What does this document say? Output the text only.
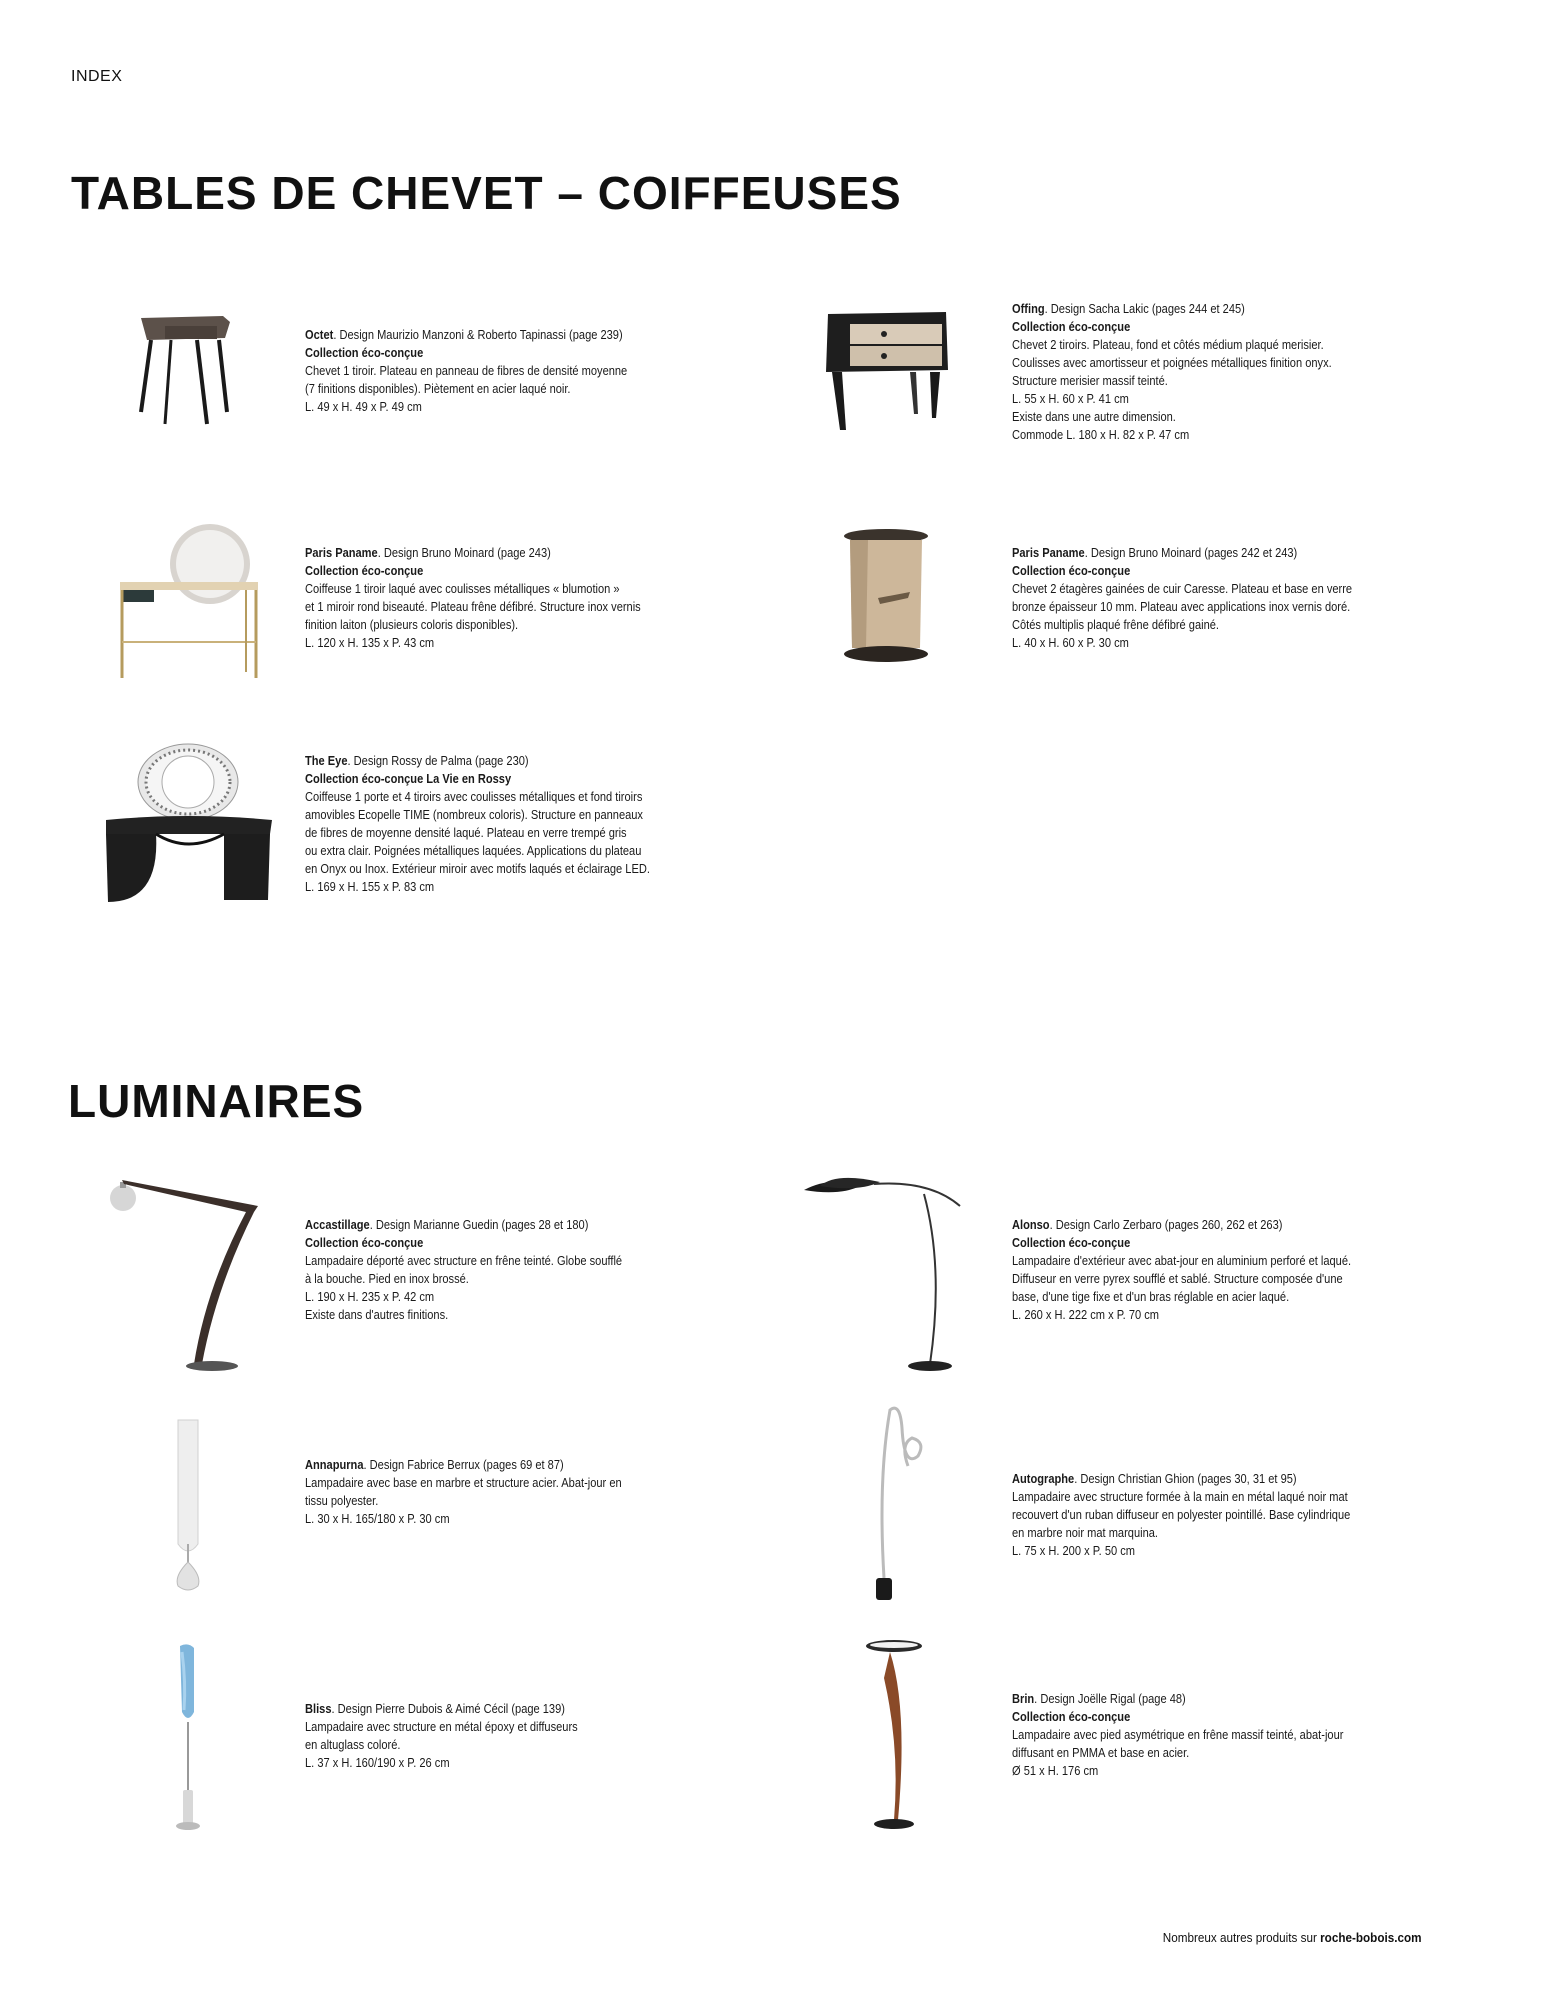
INDEX
TABLES DE CHEVET – COIFFEUSES
LUMINAIRES
Octet. Design Maurizio Manzoni & Roberto Tapinassi (page 239)
Collection éco-conçue
Chevet 1 tiroir. Plateau en panneau de fibres de densité moyenne
(7 finitions disponibles). Piètement en acier laqué noir.
L. 49 x H. 49 x P. 49 cm
Offing. Design Sacha Lakic (pages 244 et 245)
Collection éco-conçue
Chevet 2 tiroirs. Plateau, fond et côtés médium plaqué merisier.
Coulisses avec amortisseur et poignées métalliques finition onyx.
Structure merisier massif teinté.
L. 55 x H. 60 x P. 41 cm
Existe dans une autre dimension.
Commode L. 180 x H. 82 x P. 47 cm
Paris Paname. Design Bruno Moinard (page 243)
Collection éco-conçue
Coiffeuse 1 tiroir laqué avec coulisses métalliques « blumotion »
et 1 miroir rond biseauté. Plateau frêne défibré. Structure inox vernis
finition laiton (plusieurs coloris disponibles).
L. 120 x H. 135 x P. 43 cm
Paris Paname. Design Bruno Moinard (pages 242 et 243)
Collection éco-conçue
Chevet 2 étagères gainées de cuir Caresse. Plateau et base en verre
bronze épaisseur 10 mm. Plateau avec applications inox vernis doré.
Côtés multiplis plaqué frêne défibré gainé.
L. 40 x H. 60 x P. 30 cm
The Eye. Design Rossy de Palma (page 230)
Collection éco-conçue La Vie en Rossy
Coiffeuse 1 porte et 4 tiroirs avec coulisses métalliques et fond tiroirs
amovibles Ecopelle TIME (nombreux coloris). Structure en panneaux
de fibres de moyenne densité laqué. Plateau en verre trempé gris
ou extra clair. Poignées métalliques laquées. Applications du plateau
en Onyx ou Inox. Extérieur miroir avec motifs laqués et éclairage LED.
L. 169 x H. 155 x P. 83 cm
Accastillage. Design Marianne Guedin (pages 28 et 180)
Collection éco-conçue
Lampadaire déporté avec structure en frêne teinté. Globe soufflé
à la bouche. Pied en inox brossé.
L. 190 x H. 235 x P. 42 cm
Existe dans d'autres finitions.
Alonso. Design Carlo Zerbaro (pages 260, 262 et 263)
Collection éco-conçue
Lampadaire d'extérieur avec abat-jour en aluminium perforé et laqué.
Diffuseur en verre pyrex soufflé et sablé. Structure composée d'une
base, d'une tige fixe et d'un bras réglable en acier laqué.
L. 260 x H. 222 cm x P. 70 cm
Annapurna. Design Fabrice Berrux (pages 69 et 87)
Lampadaire avec base en marbre et structure acier. Abat-jour en
tissu polyester.
L. 30 x H. 165/180 x P. 30 cm
Autographe. Design Christian Ghion (pages 30, 31 et 95)
Lampadaire avec structure formée à la main en métal laqué noir mat
recouvert d'un ruban diffuseur en polyester pointillé. Base cylindrique
en marbre noir mat marquina.
L. 75 x H. 200 x P. 50 cm
Bliss. Design Pierre Dubois & Aimé Cécil (page 139)
Lampadaire avec structure en métal époxy et diffuseurs
en altuglass coloré.
L. 37 x H. 160/190 x P. 26 cm
Brin. Design Joëlle Rigal (page 48)
Collection éco-conçue
Lampadaire avec pied asymétrique en frêne massif teinté, abat-jour
diffusant en PMMA et base en acier.
Ø 51 x H. 176 cm
Nombreux autres produits sur roche-bobois.com
